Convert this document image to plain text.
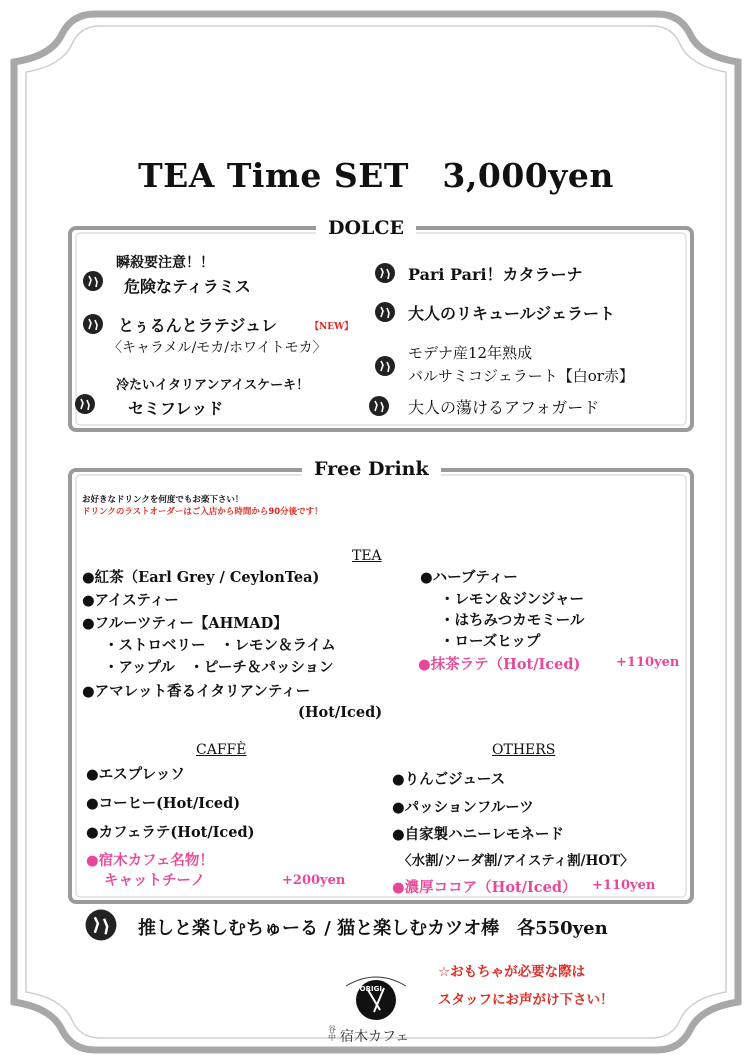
TEA Time SET　3,000yen
DOLCE
瞬殺要注意！！
危険なティラミス
とぅるんとラテジュレ	【NEW】
〈キャラメル/モカ/ホワイトモカ〉
冷たいイタリアンアイスケーキ！
セミフレッド
Pari Pari！カタラーナ
大人のリキュールジェラート
モデナ産12年熟成
バルサミコジェラート【白or赤】
大人の蕩けるアフォガード
Free Drink
お好きなドリンクを何度でもお楽下さい！
ドリンクのラストオーダーはご入店から時間から90分後です！
TEA
●紅茶（Earl Grey / CeylonTea)
●アイスティー
●フルーツティー【AHMAD】
・ストロベリー　・レモン＆ライム
・アップル　・ピーチ＆パッション
●アマレット香るイタリアンティー
(Hot/Iced)
●ハーブティー
・レモン＆ジンジャー
・はちみつカモミール
・ローズヒップ
●抹茶ラテ（Hot/Iced)	+110yen
CAFFÈ
●エスプレッソ
●コーヒー(Hot/Iced)
●カフェラテ(Hot/Iced)
●宿木カフェ名物！
キャットチーノ	+200yen
OTHERS
●りんごジュース
●パッションフルーツ
●自家製ハニーレモネード
〈水割/ソーダ割/アイスティ割/HOT〉
●濃厚ココア（Hot/Iced） +110yen
推しと楽しむちゅーる / 猫と楽しむカツオ棒　各550yen
YADORIGI
谷中 宿木カフェ
☆おもちゃが必要な際は
スタッフにお声がけ下さい！
